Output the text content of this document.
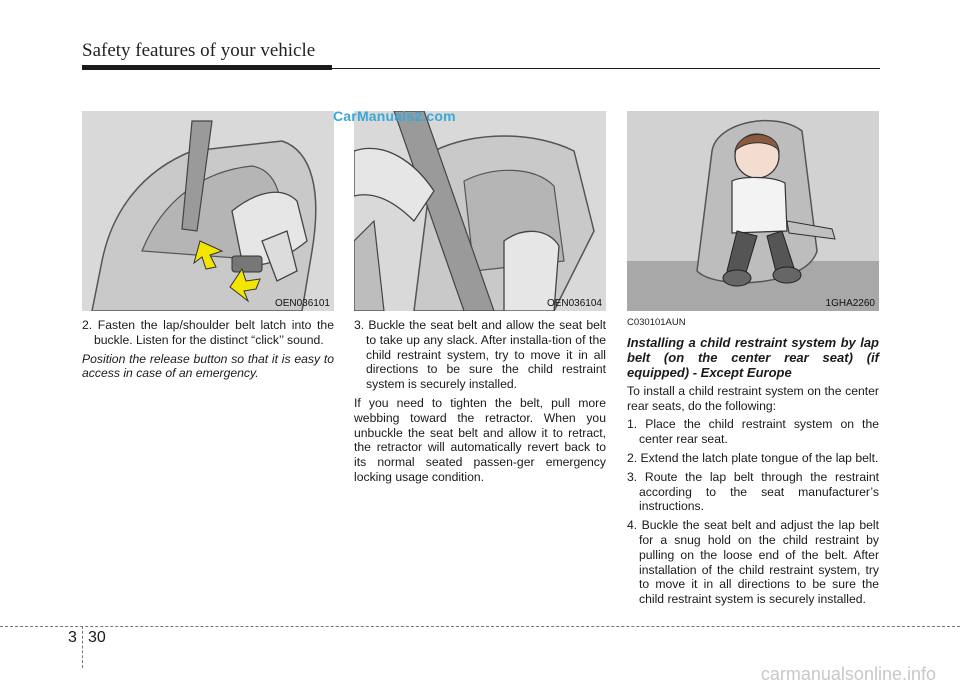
Safety features of your vehicle
OEN036101	OEN036104	1GHA2260
CarManuals2.com

2. Fasten the lap/shoulder belt latch into the buckle. Listen for the distinct “click’’ sound.

Position the release button so that it is easy to access in case of an emergency.

3. Buckle the seat belt and allow the seat belt to take up any slack. After installa-tion of the child restraint system, try to move it in all directions to be sure the child restraint system is securely installed.

If you need to tighten the belt, pull more webbing toward the retractor. When you unbuckle the seat belt and allow it to retract, the retractor will automatically revert back to its normal seated passen-ger emergency locking usage condition.

C030101AUN

Installing a child restraint system by lap belt (on the center rear seat) (if equipped) - Except Europe

To install a child restraint system on the center rear seats, do the following:

1. Place the child restraint system on the center rear seat.

2. Extend the latch plate tongue of the lap belt.

3. Route the lap belt through the restraint according to the seat manufacturer’s instructions.

4. Buckle the seat belt and adjust the lap belt for a snug hold on the child restraint by pulling on the loose end of the belt. After installation of the child restraint system, try to move it in all directions to be sure the child restraint system is securely installed.

3 30
carmanualsonline.info
